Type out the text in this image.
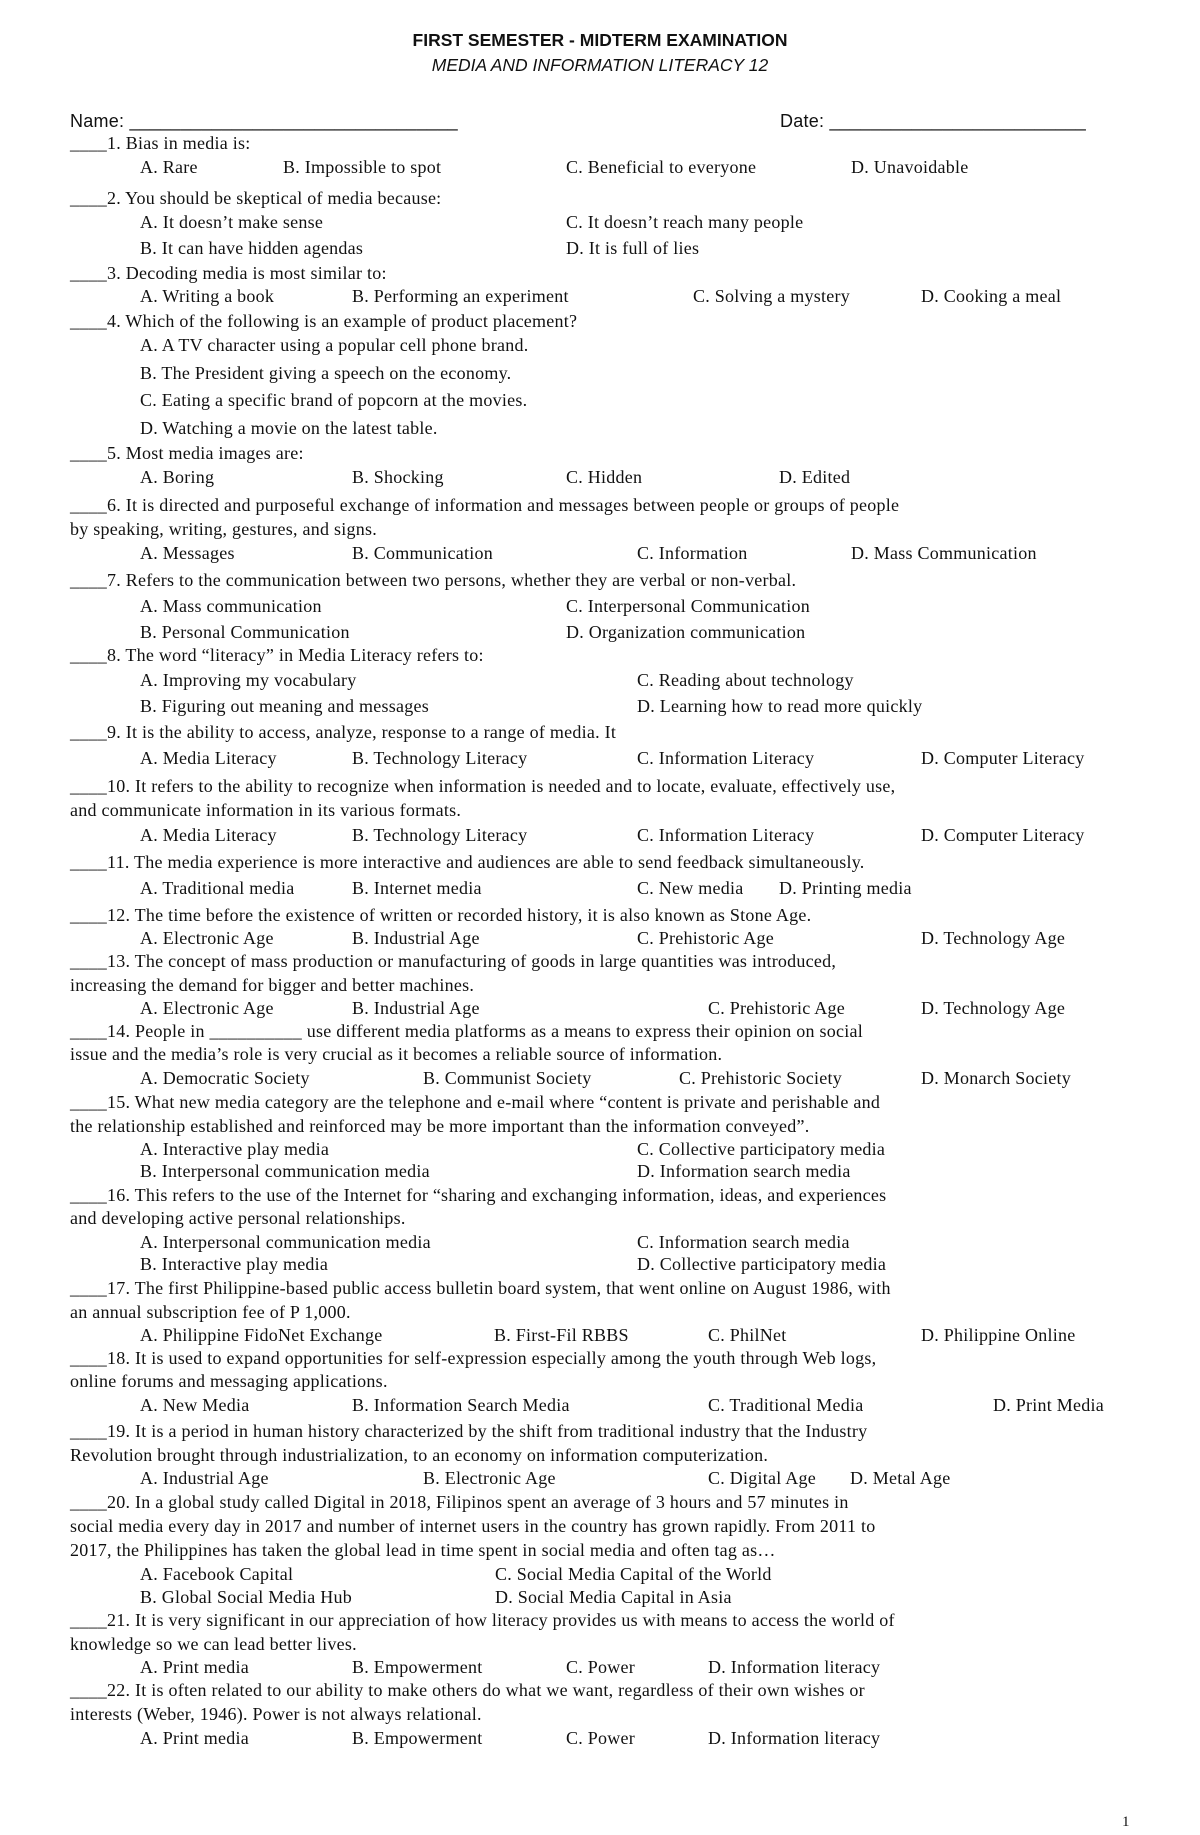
FIRST SEMESTER - MIDTERM EXAMINATION
MEDIA AND INFORMATION LITERACY 12
Name: ________________________________	Date: _________________________
____1. Bias in media is:
A. Rare	B. Impossible to spot	C. Beneficial to everyone	D. Unavoidable
____2. You should be skeptical of media because:
A. It doesn’t make sense	C. It doesn’t reach many people
B. It can have hidden agendas	D. It is full of lies
____3. Decoding media is most similar to:
A. Writing a book	B. Performing an experiment	C. Solving a mystery	D. Cooking a meal
____4. Which of the following is an example of product placement?
A. A TV character using a popular cell phone brand.
B. The President giving a speech on the economy.
C. Eating a specific brand of popcorn at the movies.
D. Watching a movie on the latest table.
____5. Most media images are:
A. Boring	B. Shocking	C. Hidden	D. Edited
____6. It is directed and purposeful exchange of information and messages between people or groups of people
by speaking, writing, gestures, and signs.
A. Messages	B. Communication	C. Information	D. Mass Communication
____7. Refers to the communication between two persons, whether they are verbal or non-verbal.
A. Mass communication	C. Interpersonal Communication
B. Personal Communication	D. Organization communication
____8. The word “literacy” in Media Literacy refers to:
A. Improving my vocabulary	C. Reading about technology
B. Figuring out meaning and messages	D. Learning how to read more quickly
____9. It is the ability to access, analyze, response to a range of media. It
A. Media Literacy	B. Technology Literacy	C. Information Literacy	D. Computer Literacy
____10. It refers to the ability to recognize when information is needed and to locate, evaluate, effectively use,
and communicate information in its various formats.
A. Media Literacy	B. Technology Literacy	C. Information Literacy	D. Computer Literacy
____11. The media experience is more interactive and audiences are able to send feedback simultaneously.
A. Traditional media	B. Internet media	C. New media D. Printing media
____12. The time before the existence of written or recorded history, it is also known as Stone Age.
A. Electronic Age	B. Industrial Age	C. Prehistoric Age	D. Technology Age
____13. The concept of mass production or manufacturing of goods in large quantities was introduced,
increasing the demand for bigger and better machines.
A. Electronic Age	B. Industrial Age	C. Prehistoric Age	D. Technology Age
____14. People in __________ use different media platforms as a means to express their opinion on social
issue and the media’s role is very crucial as it becomes a reliable source of information.
A. Democratic Society	B. Communist Society	C. Prehistoric Society	D. Monarch Society
____15. What new media category are the telephone and e-mail where “content is private and perishable and
the relationship established and reinforced may be more important than the information conveyed”.
A. Interactive play media	C. Collective participatory media
B. Interpersonal communication media	D. Information search media
____16. This refers to the use of the Internet for “sharing and exchanging information, ideas, and experiences
and developing active personal relationships.
A. Interpersonal communication media	C. Information search media
B. Interactive play media	D. Collective participatory media
____17. The first Philippine-based public access bulletin board system, that went online on August 1986, with
an annual subscription fee of P 1,000.
A. Philippine FidoNet Exchange	B. First-Fil RBBS	C. PhilNet	D. Philippine Online
____18. It is used to expand opportunities for self-expression especially among the youth through Web logs,
online forums and messaging applications.
A. New Media	B. Information Search Media	C. Traditional Media	D. Print Media
____19. It is a period in human history characterized by the shift from traditional industry that the Industry
Revolution brought through industrialization, to an economy on information computerization.
A. Industrial Age	B. Electronic Age	C. Digital Age D. Metal Age
____20. In a global study called Digital in 2018, Filipinos spent an average of 3 hours and 57 minutes in
social media every day in 2017 and number of internet users in the country has grown rapidly. From 2011 to
2017, the Philippines has taken the global lead in time spent in social media and often tag as…
A. Facebook Capital	C. Social Media Capital of the World
B. Global Social Media Hub	D. Social Media Capital in Asia
____21. It is very significant in our appreciation of how literacy provides us with means to access the world of
knowledge so we can lead better lives.
A. Print media	B. Empowerment	C. Power	D. Information literacy
____22. It is often related to our ability to make others do what we want, regardless of their own wishes or
interests (Weber, 1946). Power is not always relational.
A. Print media	B. Empowerment	C. Power	D. Information literacy
1
